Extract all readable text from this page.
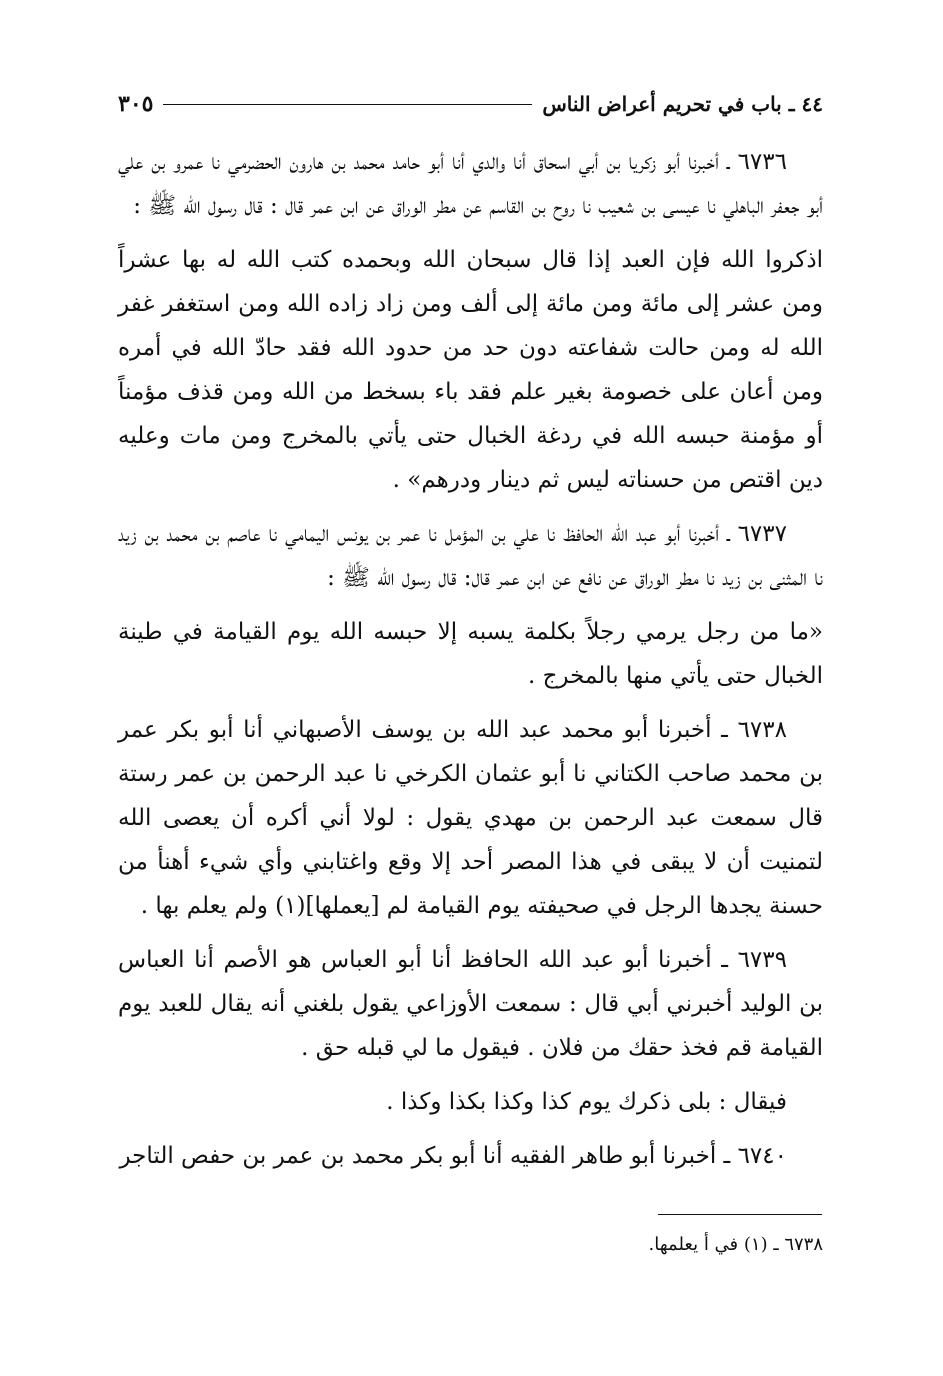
٤٤ ـ باب في تحريم أعراض الناس
٣٠٥

٦٧٣٦ ـ أخبرنا أبو زكريا بن أبي اسحاق أنا والدي أنا أبو حامد محمد بن هارون الحضرمي نا عمرو بن علي أبو جعفر الباهلي نا عيسى بن شعيب نا روح بن القاسم عن مطر الوراق عن ابن عمر قال : قال رسول الله ﷺ :

اذكروا الله فإن العبد إذا قال سبحان الله وبحمده كتب الله له بها عشراً ومن عشر إلى مائة ومن مائة إلى ألف ومن زاد زاده الله ومن استغفر غفر الله له ومن حالت شفاعته دون حد من حدود الله فقد حادّ الله في أمره ومن أعان على خصومة بغير علم فقد باء بسخط من الله ومن قذف مؤمناً أو مؤمنة حبسه الله في ردغة الخبال حتى يأتي بالمخرج ومن مات وعليه دين اقتص من حسناته ليس ثم دينار ودرهم» .

٦٧٣٧ ـ أخبرنا أبو عبد الله الحافظ نا علي بن المؤمل نا عمر بن يونس اليمامي نا عاصم بن محمد بن زيد نا المثنى بن زيد نا مطر الوراق عن نافع عن ابن عمر قال: قال رسول الله ﷺ :

«ما من رجل يرمي رجلاً بكلمة يسبه إلا حبسه الله يوم القيامة في طينة الخبال حتى يأتي منها بالمخرج .

٦٧٣٨ ـ أخبرنا أبو محمد عبد الله بن يوسف الأصبهاني أنا أبو بكر عمر بن محمد صاحب الكتاني نا أبو عثمان الكرخي نا عبد الرحمن بن عمر رستة قال سمعت عبد الرحمن بن مهدي يقول : لولا أني أكره أن يعصى الله لتمنيت أن لا يبقى في هذا المصر أحد إلا وقع واغتابني وأي شيء أهنأ من حسنة يجدها الرجل في صحيفته يوم القيامة لم [يعملها](١) ولم يعلم بها .

٦٧٣٩ ـ أخبرنا أبو عبد الله الحافظ أنا أبو العباس هو الأصم أنا العباس بن الوليد أخبرني أبي قال : سمعت الأوزاعي يقول بلغني أنه يقال للعبد يوم القيامة قم فخذ حقك من فلان . فيقول ما لي قبله حق .

فيقال : بلى ذكرك يوم كذا وكذا بكذا وكذا .

٦٧٤٠ ـ أخبرنا أبو طاهر الفقيه أنا أبو بكر محمد بن عمر بن حفص التاجر

٦٧٣٨ ـ (١) في أ يعلمها.
